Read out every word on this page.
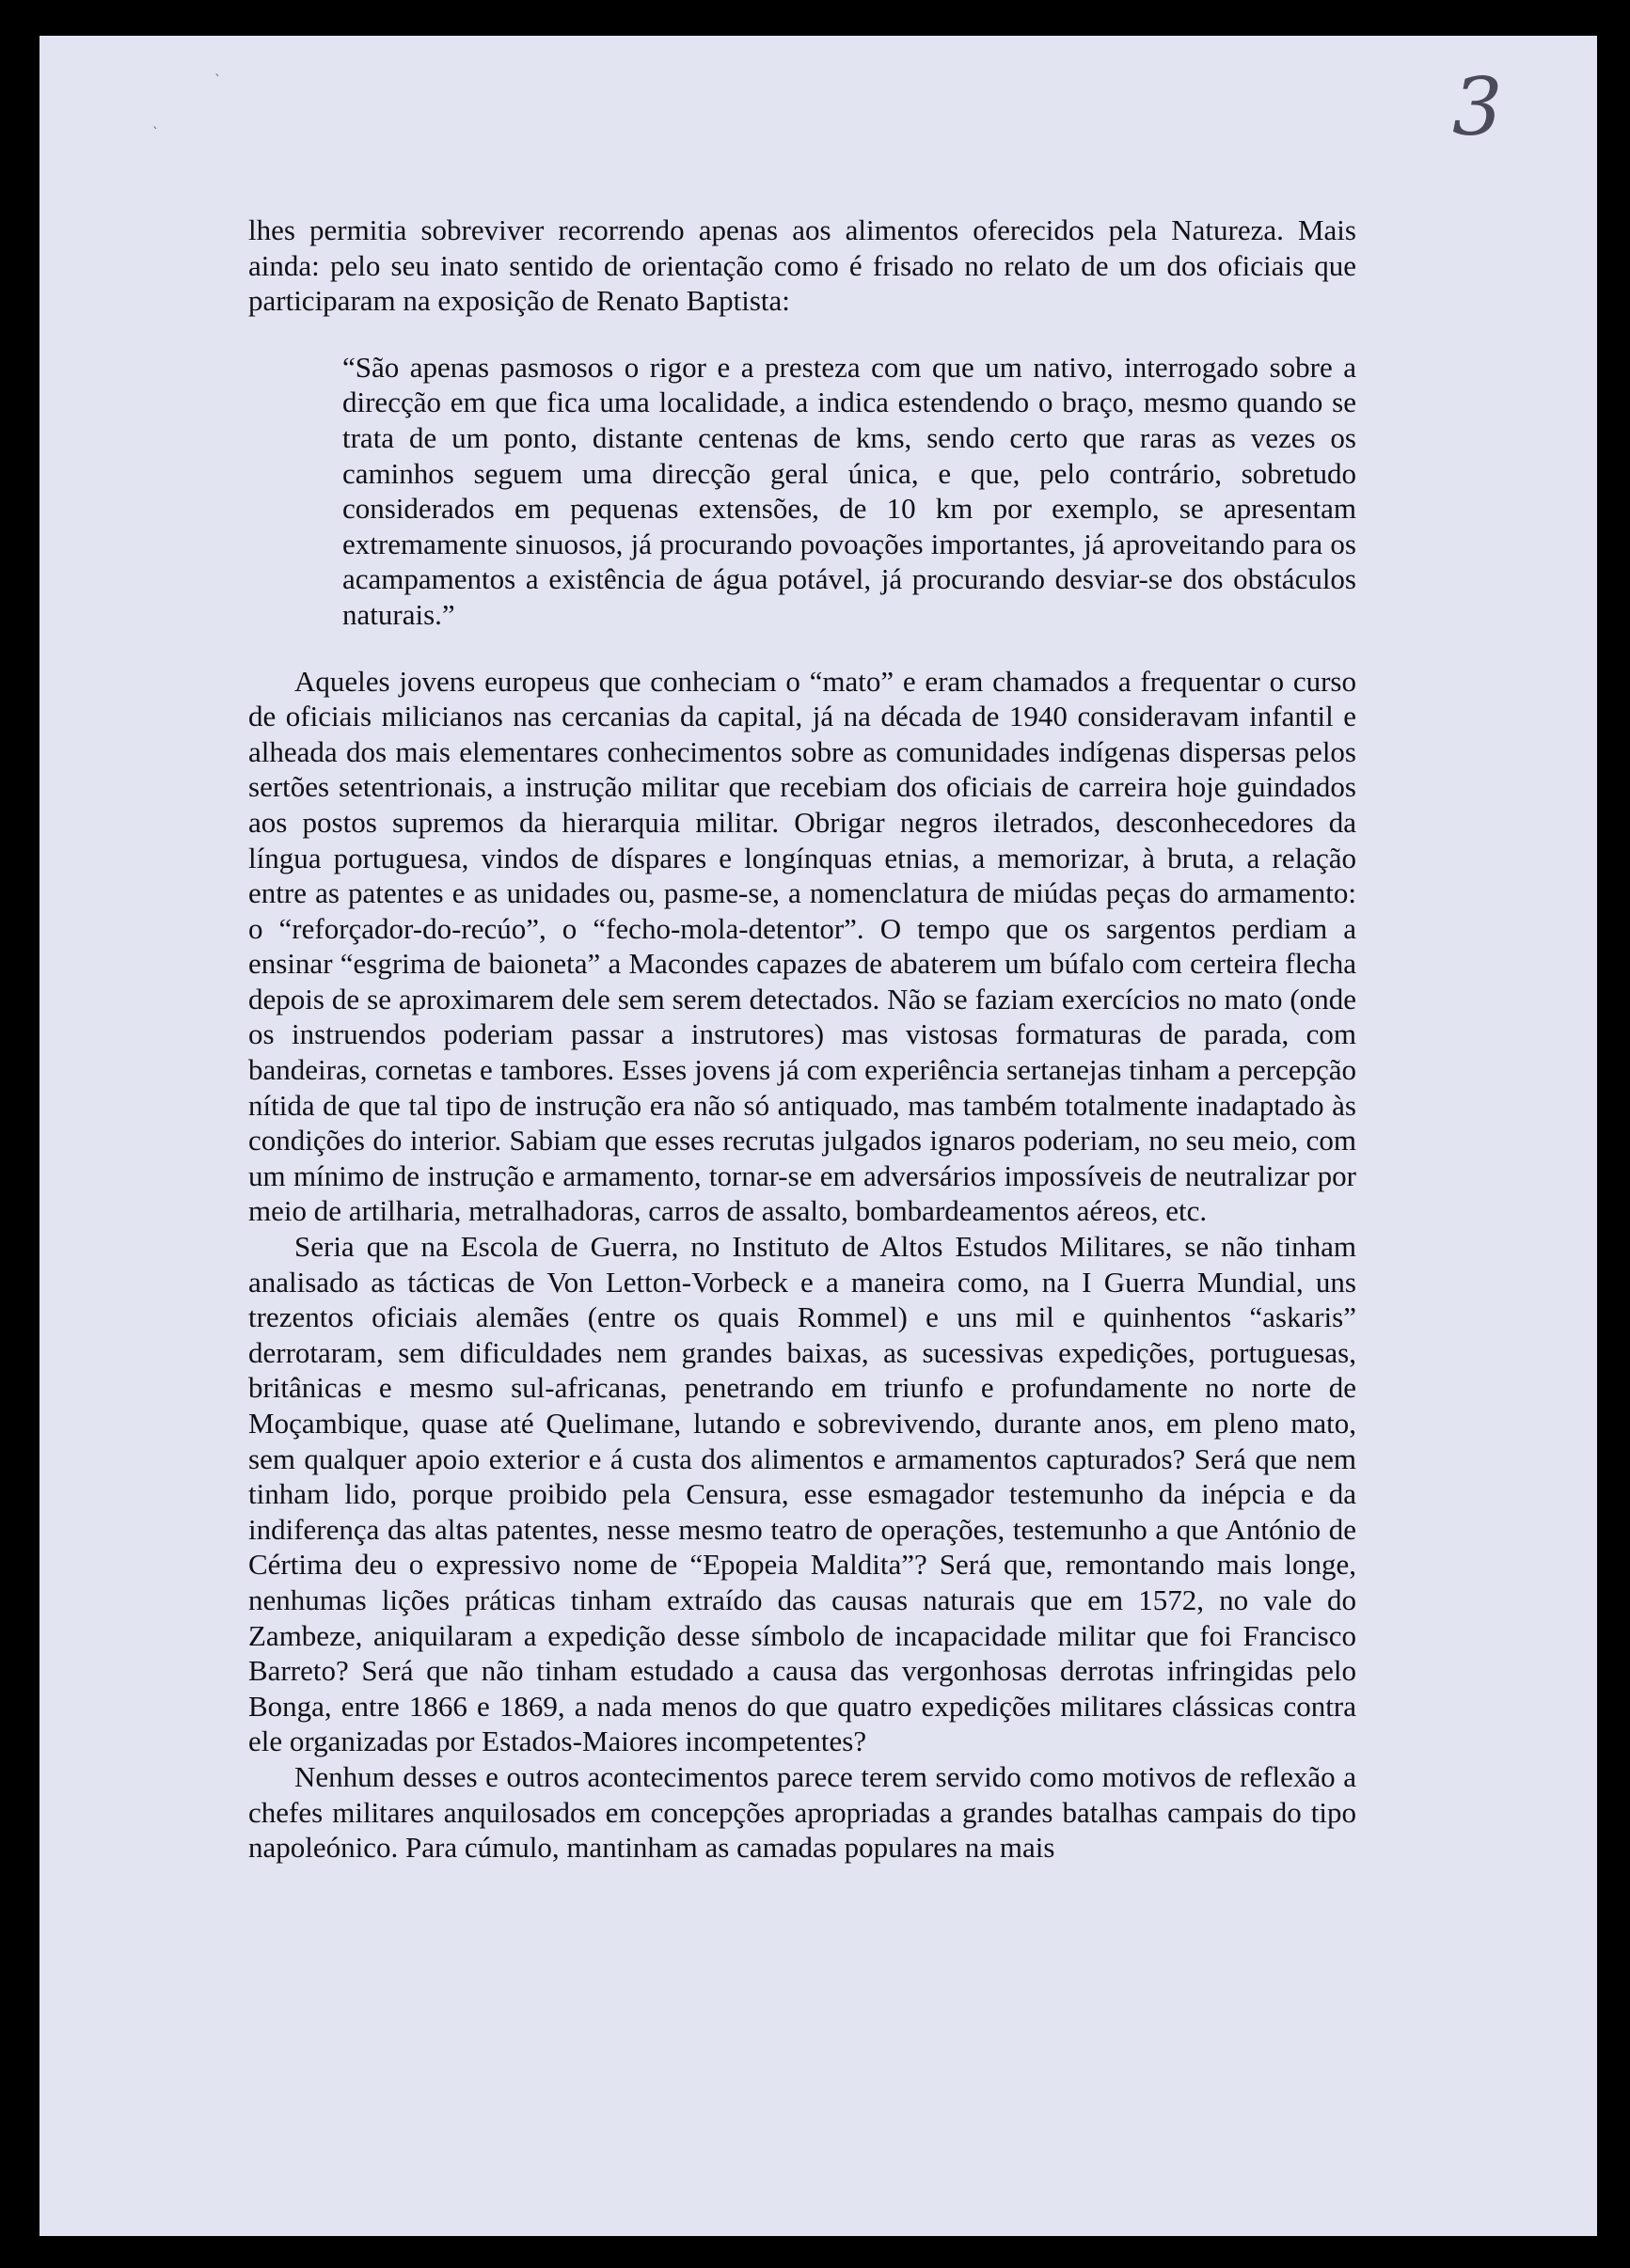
`
`	3

lhes permitia sobreviver recorrendo apenas aos alimentos oferecidos pela Natureza. Mais ainda: pelo seu inato sentido de orientação como é frisado no relato de um dos oficiais que participaram na exposição de Renato Baptista:

“São apenas pasmosos o rigor e a presteza com que um nativo, interrogado sobre a direcção em que fica uma localidade, a indica estendendo o braço, mesmo quando se trata de um ponto, distante centenas de kms, sendo certo que raras as vezes os caminhos seguem uma direcção geral única, e que, pelo contrário, sobretudo considerados em pequenas extensões, de 10 km por exemplo, se apresentam extremamente sinuosos, já procurando povoações importantes, já aproveitando para os acampamentos a existência de água potável, já procurando desviar-se dos obstáculos naturais.”

Aqueles jovens europeus que conheciam o “mato” e eram chamados a frequentar o curso de oficiais milicianos nas cercanias da capital, já na década de 1940 consideravam infantil e alheada dos mais elementares conhecimentos sobre as comunidades indígenas dispersas pelos sertões setentrionais, a instrução militar que recebiam dos oficiais de carreira hoje guindados aos postos supremos da hierarquia militar. Obrigar negros iletrados, desconhecedores da língua portuguesa, vindos de díspares e longínquas etnias, a memorizar, à bruta, a relação entre as patentes e as unidades ou, pasme-se, a nomenclatura de miúdas peças do armamento: o “reforçador-do-recúo”, o “fecho-mola-detentor”. O tempo que os sargentos perdiam a ensinar “esgrima de baioneta” a Macondes capazes de abaterem um búfalo com certeira flecha depois de se aproximarem dele sem serem detectados. Não se faziam exercícios no mato (onde os instruendos poderiam passar a instrutores) mas vistosas formaturas de parada, com bandeiras, cornetas e tambores. Esses jovens já com experiência sertanejas tinham a percepção nítida de que tal tipo de instrução era não só antiquado, mas também totalmente inadaptado às condições do interior. Sabiam que esses recrutas julgados ignaros poderiam, no seu meio, com um mínimo de instrução e armamento, tornar-se em adversários impossíveis de neutralizar por meio de artilharia, metralhadoras, carros de assalto, bombardeamentos aéreos, etc.

Seria que na Escola de Guerra, no Instituto de Altos Estudos Militares, se não tinham analisado as tácticas de Von Letton-Vorbeck e a maneira como, na I Guerra Mundial, uns trezentos oficiais alemães (entre os quais Rommel) e uns mil e quinhentos “askaris” derrotaram, sem dificuldades nem grandes baixas, as sucessivas expedições, portuguesas, britânicas e mesmo sul-africanas, penetrando em triunfo e profundamente no norte de Moçambique, quase até Quelimane, lutando e sobrevivendo, durante anos, em pleno mato, sem qualquer apoio exterior e á custa dos alimentos e armamentos capturados? Será que nem tinham lido, porque proibido pela Censura, esse esmagador testemunho da inépcia e da indiferença das altas patentes, nesse mesmo teatro de operações, testemunho a que António de Cértima deu o expressivo nome de “Epopeia Maldita”? Será que, remontando mais longe, nenhumas lições práticas tinham extraído das causas naturais que em 1572, no vale do Zambeze, aniquilaram a expedição desse símbolo de incapacidade militar que foi Francisco Barreto? Será que não tinham estudado a causa das vergonhosas derrotas infringidas pelo Bonga, entre 1866 e 1869, a nada menos do que quatro expedições militares clássicas contra ele organizadas por Estados-Maiores incompetentes?

Nenhum desses e outros acontecimentos parece terem servido como motivos de reflexão a chefes militares anquilosados em concepções apropriadas a grandes batalhas campais do tipo napoleónico. Para cúmulo, mantinham as camadas populares na mais
